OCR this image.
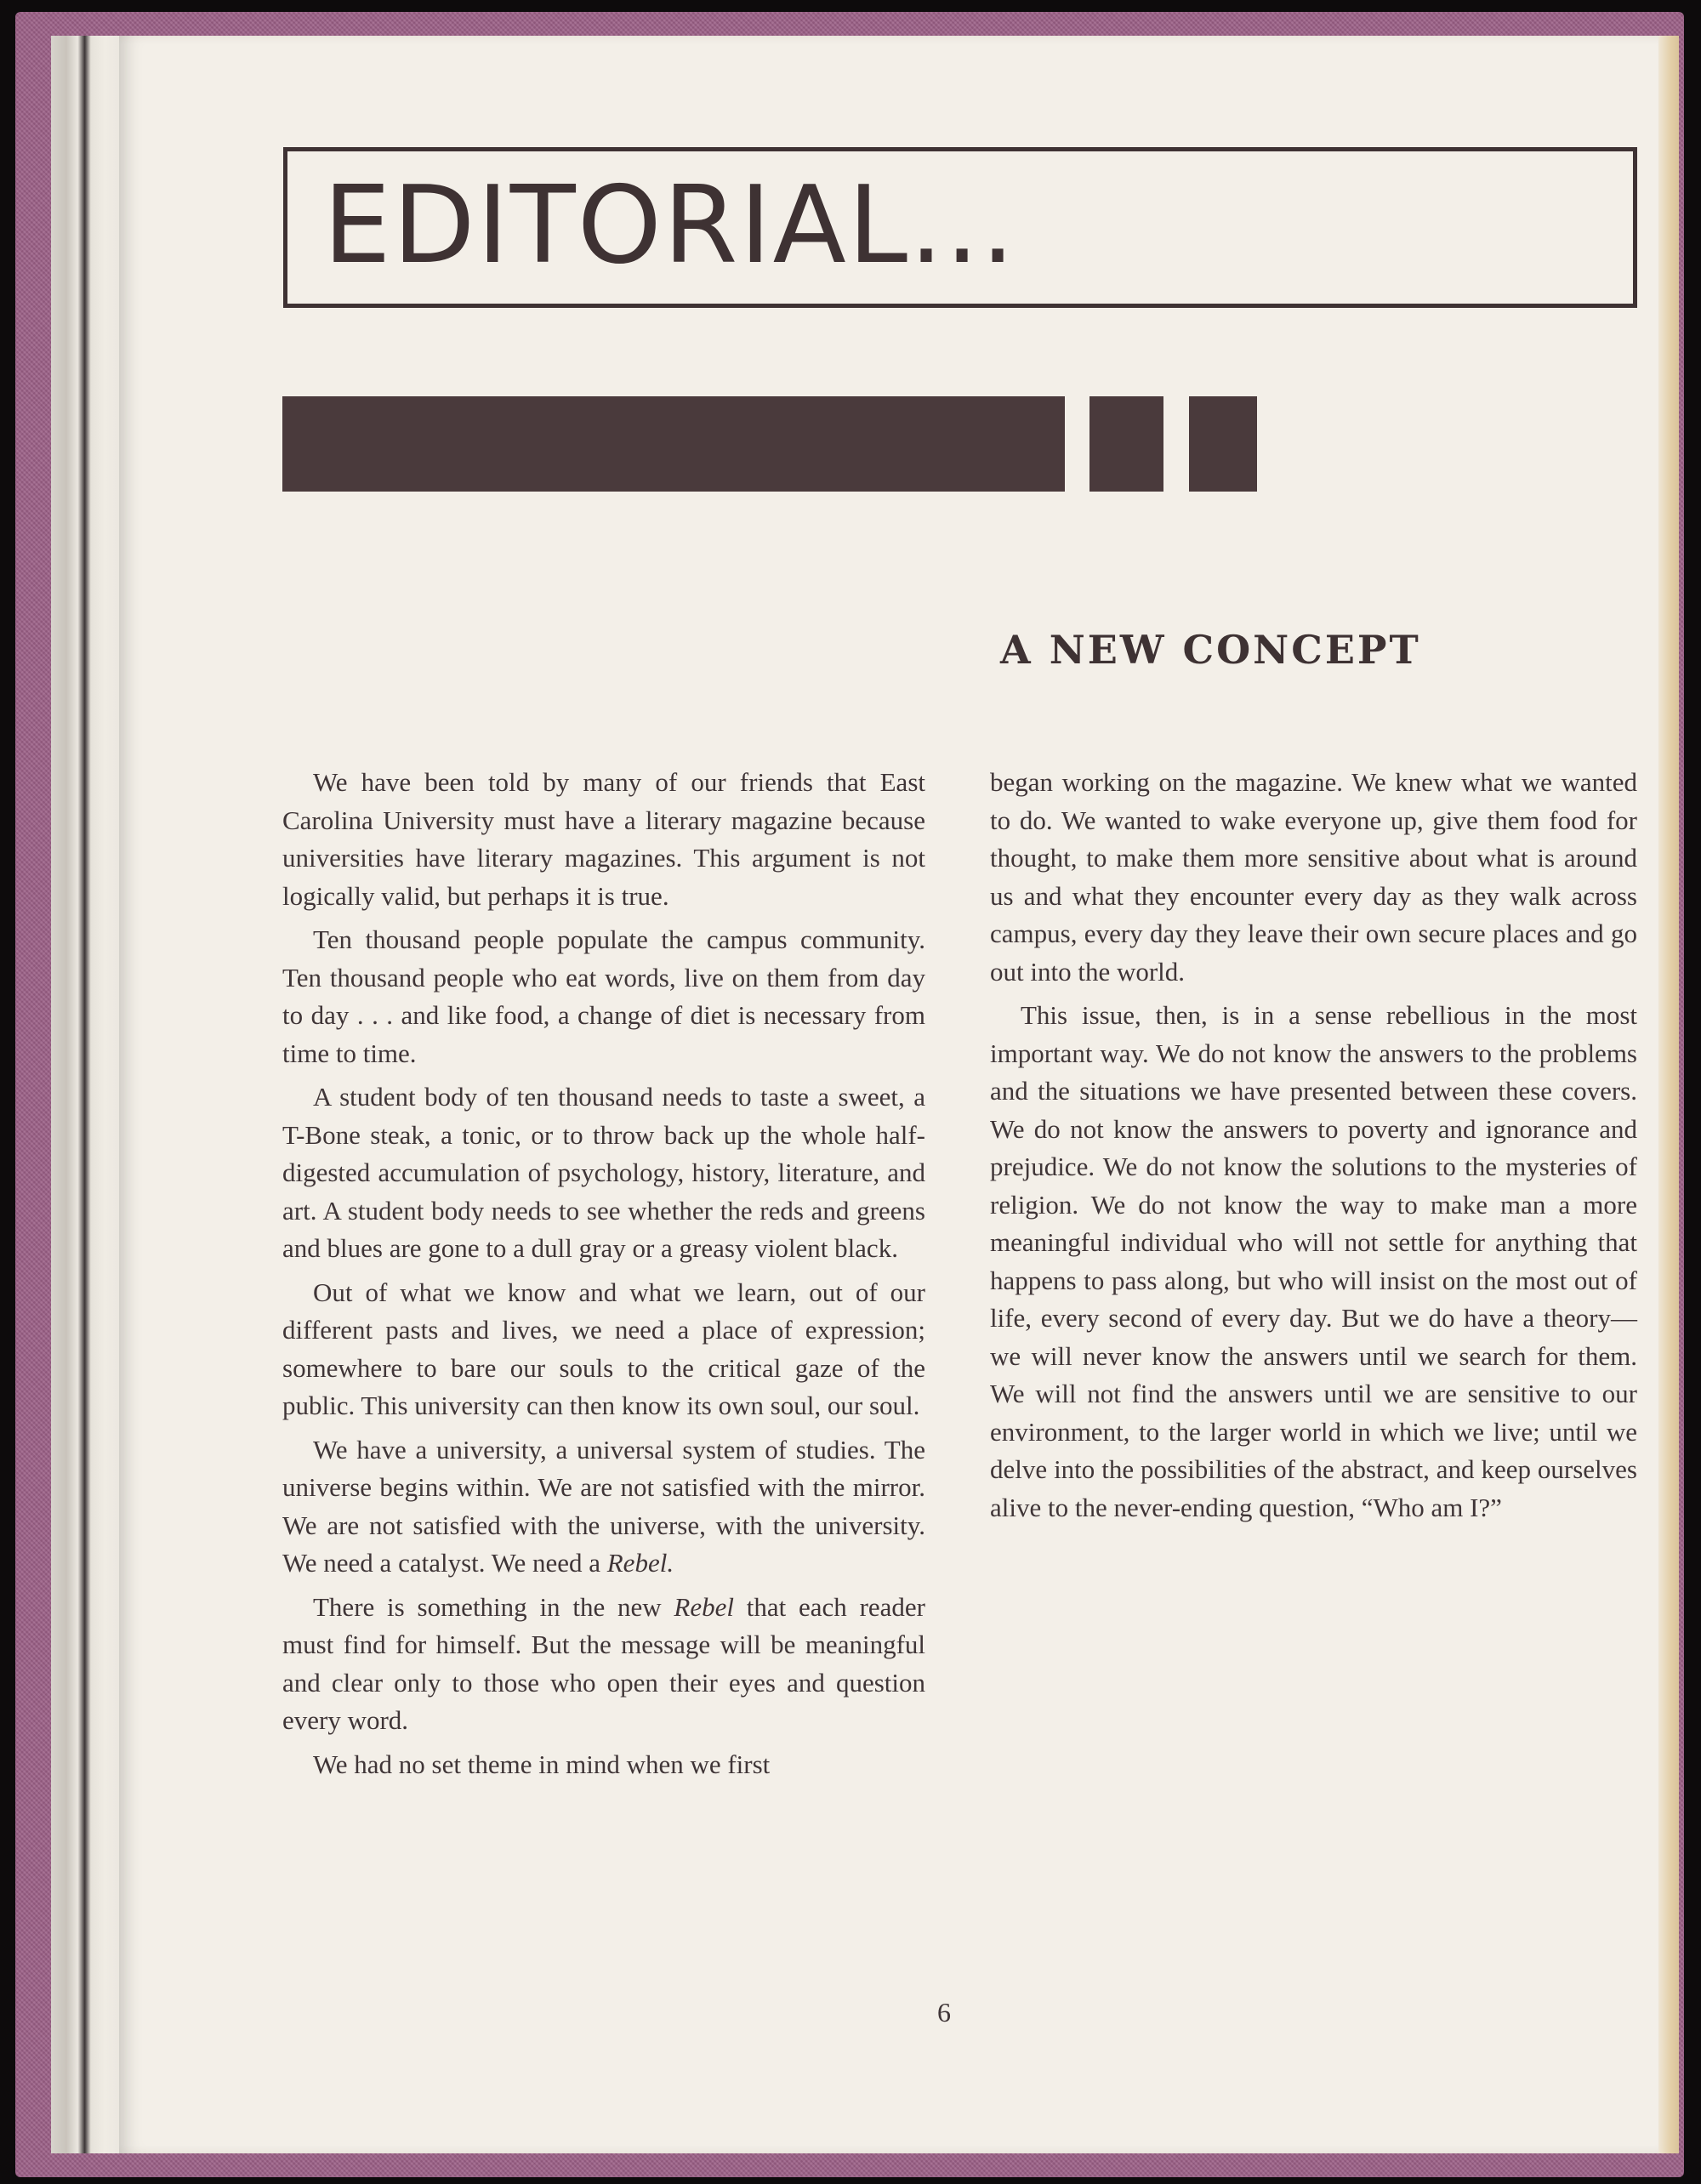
EDITORIAL...
A NEW CONCEPT

We have been told by many of our friends that East Carolina University must have a literary magazine because universities have literary magazines. This argument is not logically valid, but perhaps it is true.

Ten thousand people populate the campus community. Ten thousand people who eat words, live on them from day to day . . . and like food, a change of diet is necessary from time to time.

A student body of ten thousand needs to taste a sweet, a T-Bone steak, a tonic, or to throw back up the whole half-digested accumulation of psychology, history, literature, and art. A student body needs to see whether the reds and greens and blues are gone to a dull gray or a greasy violent black.

Out of what we know and what we learn, out of our different pasts and lives, we need a place of expression; somewhere to bare our souls to the critical gaze of the public. This university can then know its own soul, our soul.

We have a university, a universal system of studies. The universe begins within. We are not satisfied with the mirror. We are not satisfied with the universe, with the university. We need a catalyst. We need a Rebel.

There is something in the new Rebel that each reader must find for himself. But the message will be meaningful and clear only to those who open their eyes and question every word.

We had no set theme in mind when we first

began working on the magazine. We knew what we wanted to do. We wanted to wake everyone up, give them food for thought, to make them more sensitive about what is around us and what they encounter every day as they walk across campus, every day they leave their own secure places and go out into the world.

This issue, then, is in a sense rebellious in the most important way. We do not know the answers to the problems and the situations we have presented between these covers. We do not know the answers to poverty and ignorance and prejudice. We do not know the solutions to the mysteries of religion. We do not know the way to make man a more meaningful individual who will not settle for anything that happens to pass along, but who will insist on the most out of life, every second of every day. But we do have a theory—we will never know the answers until we search for them. We will not find the answers until we are sensitive to our environment, to the larger world in which we live; until we delve into the possibilities of the abstract, and keep ourselves alive to the never-ending question, “Who am I?”

6
